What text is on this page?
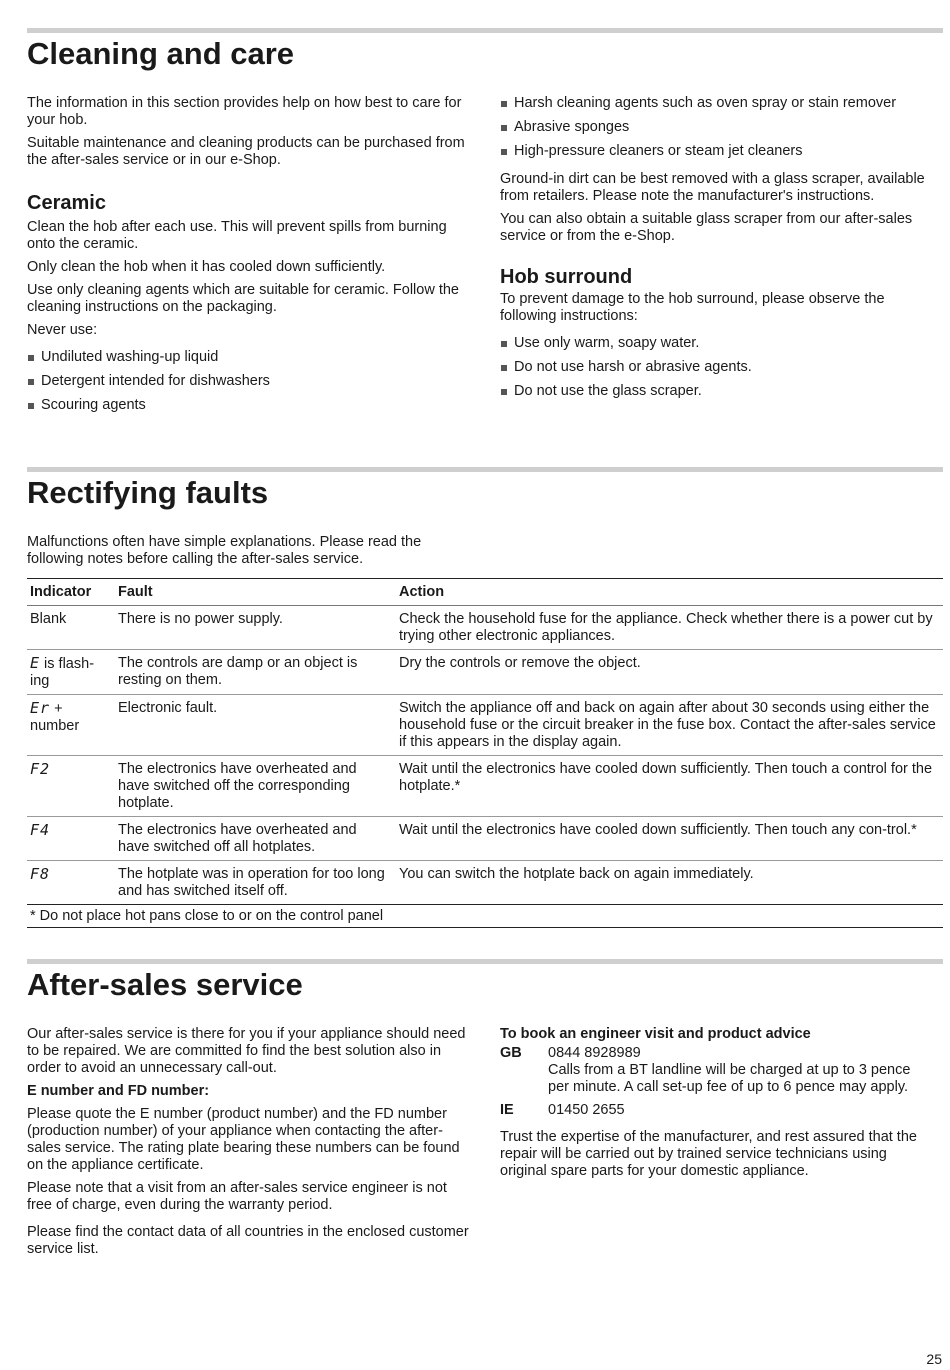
Cleaning and care

The information in this section provides help on how best to care for your hob.

Suitable maintenance and cleaning products can be purchased from the after-sales service or in our e-Shop.

Ceramic

Clean the hob after each use. This will prevent spills from burning onto the ceramic.

Only clean the hob when it has cooled down sufficiently.

Use only cleaning agents which are suitable for ceramic. Follow the cleaning instructions on the packaging.

Never use:

Undiluted washing-up liquid
Detergent intended for dishwashers
Scouring agents
Harsh cleaning agents such as oven spray or stain remover
Abrasive sponges
High-pressure cleaners or steam jet cleaners

Ground-in dirt can be best removed with a glass scraper, available from retailers. Please note the manufacturer's instructions.

You can also obtain a suitable glass scraper from our after-sales service or from the e-Shop.

Hob surround

To prevent damage to the hob surround, please observe the following instructions:

Use only warm, soapy water.
Do not use harsh or abrasive agents.
Do not use the glass scraper.
Rectifying faults

Malfunctions often have simple explanations. Please read the following notes before calling the after-sales service.

Indicator	Fault	Action
Blank	There is no power supply.	Check the household fuse for the appliance. Check whether there is a power cut by trying other electronic appliances.
E is flash-ing	The controls are damp or an object is resting on them.	Dry the controls or remove the object.
Er + number	Electronic fault.	Switch the appliance off and back on again after about 30 seconds using either the household fuse or the circuit breaker in the fuse box. Contact the after-sales service if this appears in the display again.
F2	The electronics have overheated and have switched off the corresponding hotplate.	Wait until the electronics have cooled down sufficiently. Then touch a control for the hotplate.*
F4	The electronics have overheated and have switched off all hotplates.	Wait until the electronics have cooled down sufficiently. Then touch any con-trol.*
F8	The hotplate was in operation for too long and has switched itself off.	You can switch the hotplate back on again immediately.
* Do not place hot pans close to or on the control panel		
After-sales service

Our after-sales service is there for you if your appliance should need to be repaired. We are committed fo find the best solution also in order to avoid an unnecessary call-out.

E number and FD number:

Please quote the E number (product number) and the FD number (production number) of your appliance when contacting the after-sales service. The rating plate bearing these numbers can be found on the appliance certificate.

Please note that a visit from an after-sales service engineer is not free of charge, even during the warranty period.

Please find the contact data of all countries in the enclosed customer service list.

To book an engineer visit and product advice

GB	0844 8928989
Calls from a BT landline will be charged at up to 3 pence per minute. A call set-up fee of up to 6 pence may apply.
IE	01450 2655

Trust the expertise of the manufacturer, and rest assured that the repair will be carried out by trained service technicians using original spare parts for your domestic appliance.

25
